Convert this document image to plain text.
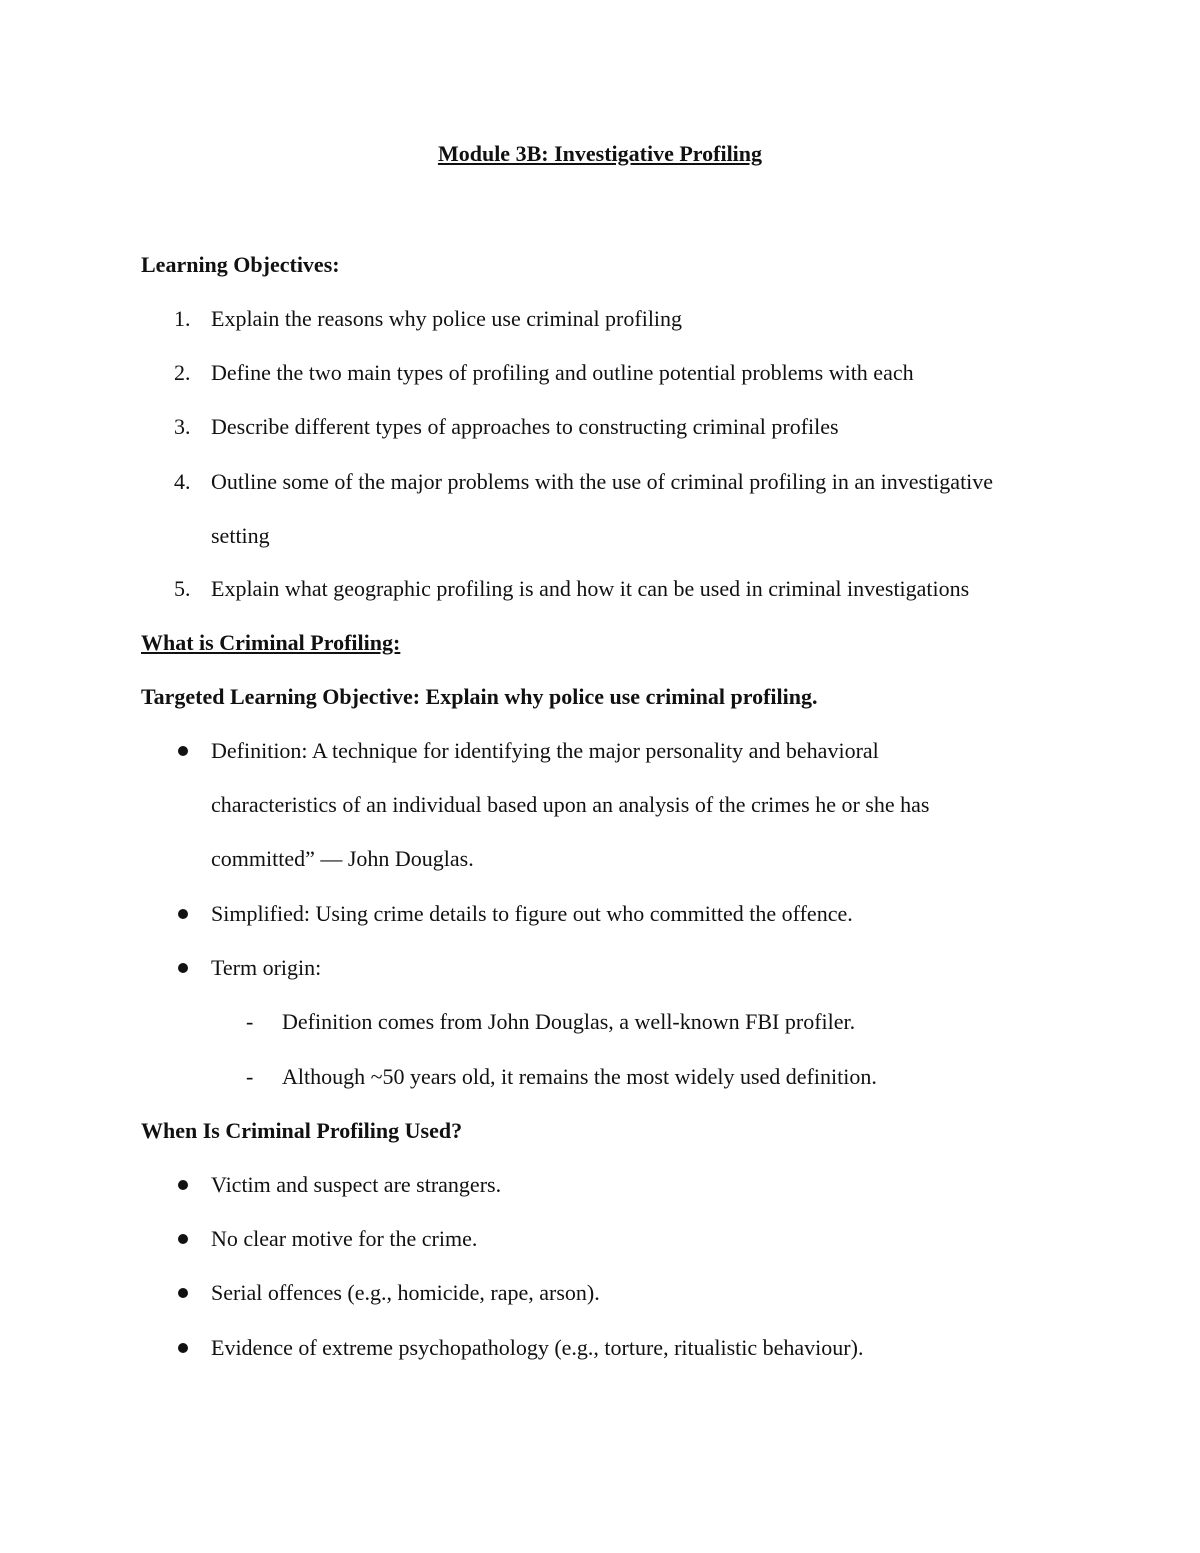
Module 3B: Investigative Profiling
Learning Objectives:
1. Explain the reasons why police use criminal profiling
2. Define the two main types of profiling and outline potential problems with each
3. Describe different types of approaches to constructing criminal profiles
4. Outline some of the major problems with the use of criminal profiling in an investigative
setting
5. Explain what geographic profiling is and how it can be used in criminal investigations
What is Criminal Profiling:
Targeted Learning Objective: Explain why police use criminal profiling.
Definition: A technique for identifying the major personality and behavioral
characteristics of an individual based upon an analysis of the crimes he or she has
committed” — John Douglas.
Simplified: Using crime details to figure out who committed the offence.
Term origin:
- Definition comes from John Douglas, a well-known FBI profiler.
- Although ~50 years old, it remains the most widely used definition.
When Is Criminal Profiling Used?
Victim and suspect are strangers.
No clear motive for the crime.
Serial offences (e.g., homicide, rape, arson).
Evidence of extreme psychopathology (e.g., torture, ritualistic behaviour).
